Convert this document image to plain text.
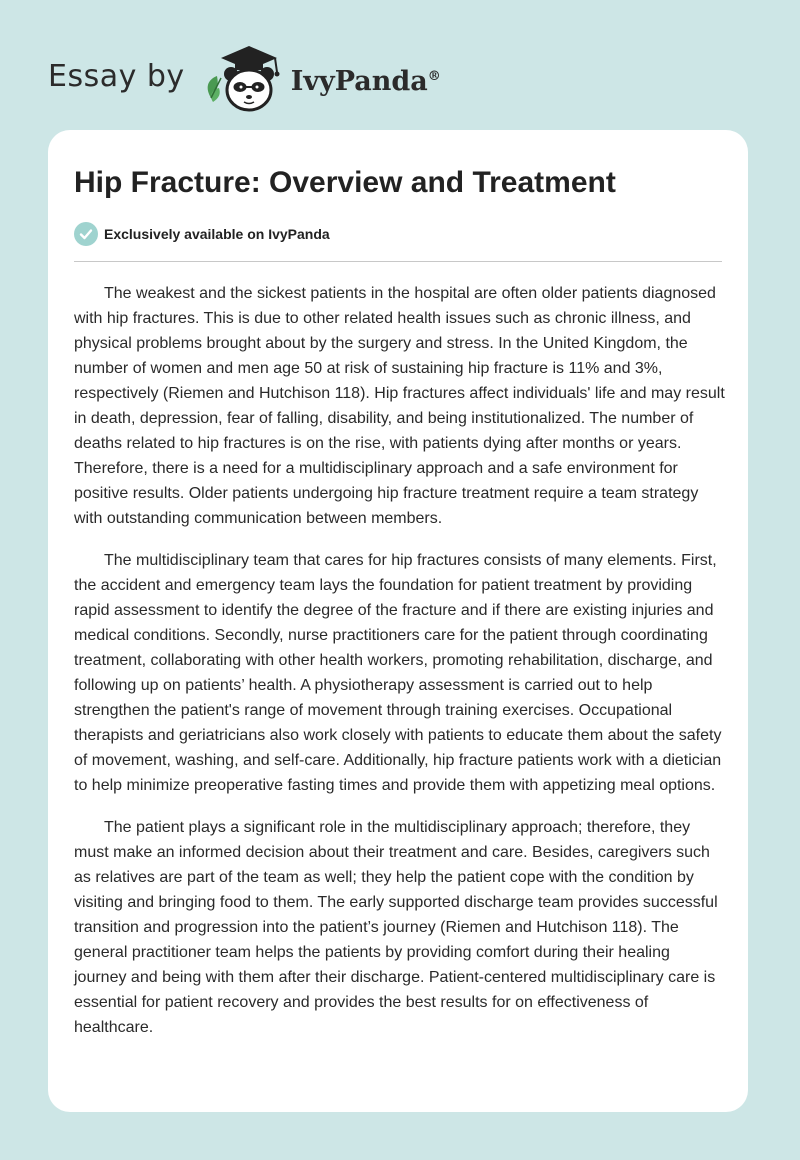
Essay by	IvyPanda®
Hip Fracture: Overview and Treatment
Exclusively available on IvyPanda

The weakest and the sickest patients in the hospital are often older patients diagnosed with hip fractures. This is due to other related health issues such as chronic illness, and physical problems brought about by the surgery and stress. In the United Kingdom, the number of women and men age 50 at risk of sustaining hip fracture is 11% and 3%, respectively (Riemen and Hutchison 118). Hip fractures affect individuals' life and may result in death, depression, fear of falling, disability, and being institutionalized. The number of deaths related to hip fractures is on the rise, with patients dying after months or years. Therefore, there is a need for a multidisciplinary approach and a safe environment for positive results. Older patients undergoing hip fracture treatment require a team strategy with outstanding communication between members.

The multidisciplinary team that cares for hip fractures consists of many elements. First, the accident and emergency team lays the foundation for patient treatment by providing rapid assessment to identify the degree of the fracture and if there are existing injuries and medical conditions. Secondly, nurse practitioners care for the patient through coordinating treatment, collaborating with other health workers, promoting rehabilitation, discharge, and following up on patients’ health. A physiotherapy assessment is carried out to help strengthen the patient's range of movement through training exercises. Occupational therapists and geriatricians also work closely with patients to educate them about the safety of movement, washing, and self-care. Additionally, hip fracture patients work with a dietician to help minimize preoperative fasting times and provide them with appetizing meal options.

The patient plays a significant role in the multidisciplinary approach; therefore, they must make an informed decision about their treatment and care. Besides, caregivers such as relatives are part of the team as well; they help the patient cope with the condition by visiting and bringing food to them. The early supported discharge team provides successful transition and progression into the patient’s journey (Riemen and Hutchison 118). The general practitioner team helps the patients by providing comfort during their healing journey and being with them after their discharge. Patient-centered multidisciplinary care is essential for patient recovery and provides the best results for on effectiveness of healthcare.
